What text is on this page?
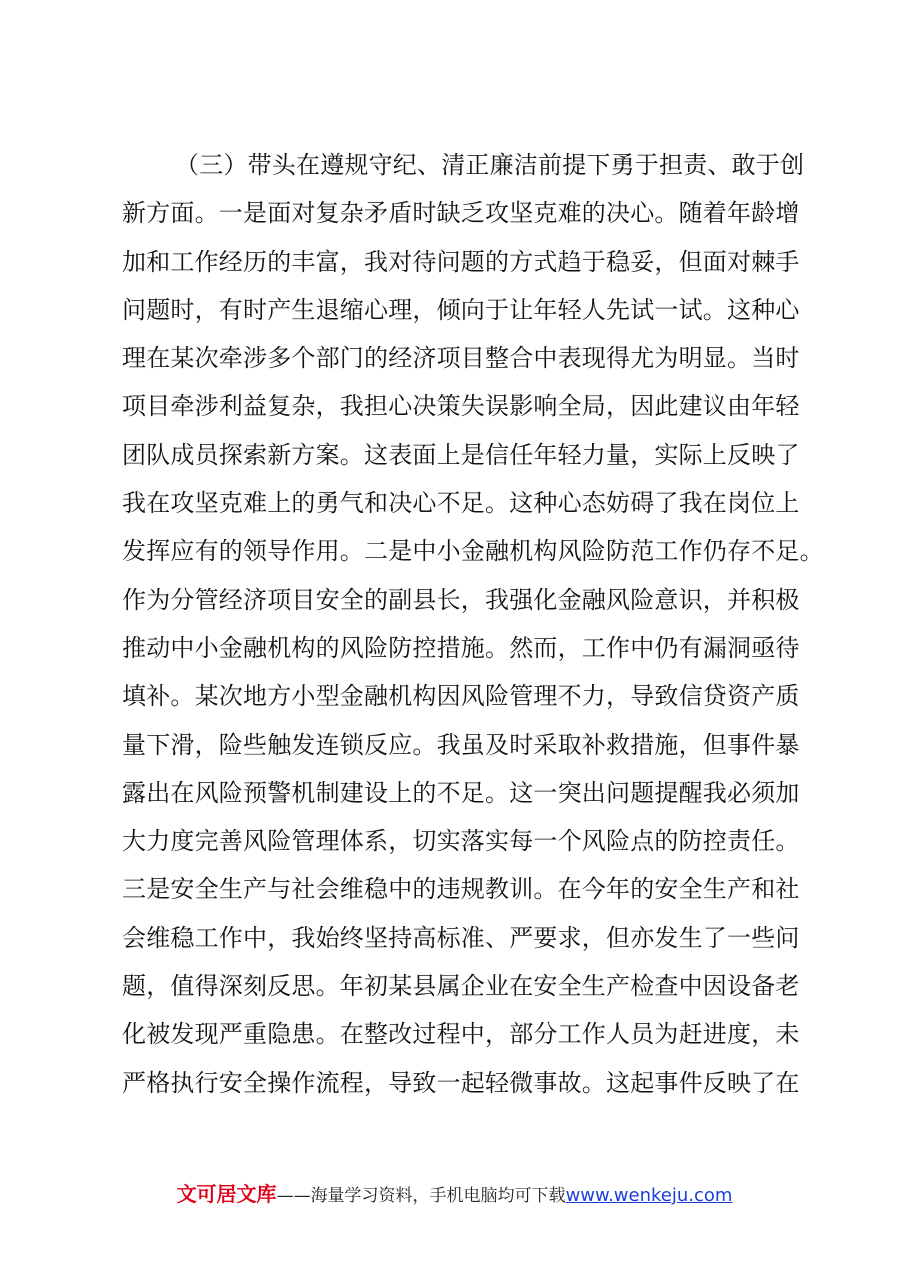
（三）带头在遵规守纪、清正廉洁前提下勇于担责、敢于创
新方面。一是面对复杂矛盾时缺乏攻坚克难的决心。随着年龄增
加和工作经历的丰富，我对待问题的方式趋于稳妥，但面对棘手
问题时，有时产生退缩心理，倾向于让年轻人先试一试。这种心
理在某次牵涉多个部门的经济项目整合中表现得尤为明显。当时
项目牵涉利益复杂，我担心决策失误影响全局，因此建议由年轻
团队成员探索新方案。这表面上是信任年轻力量，实际上反映了
我在攻坚克难上的勇气和决心不足。这种心态妨碍了我在岗位上
发挥应有的领导作用。二是中小金融机构风险防范工作仍存不足。
作为分管经济项目安全的副县长，我强化金融风险意识，并积极
推动中小金融机构的风险防控措施。然而，工作中仍有漏洞亟待
填补。某次地方小型金融机构因风险管理不力，导致信贷资产质
量下滑，险些触发连锁反应。我虽及时采取补救措施，但事件暴
露出在风险预警机制建设上的不足。这一突出问题提醒我必须加
大力度完善风险管理体系，切实落实每一个风险点的防控责任。
三是安全生产与社会维稳中的违规教训。在今年的安全生产和社
会维稳工作中，我始终坚持高标准、严要求，但亦发生了一些问
题，值得深刻反思。年初某县属企业在安全生产检查中因设备老
化被发现严重隐患。在整改过程中，部分工作人员为赶进度，未
严格执行安全操作流程，导致一起轻微事故。这起事件反映了在
文可居文库——海量学习资料，手机电脑均可下载www.wenkeju.com
